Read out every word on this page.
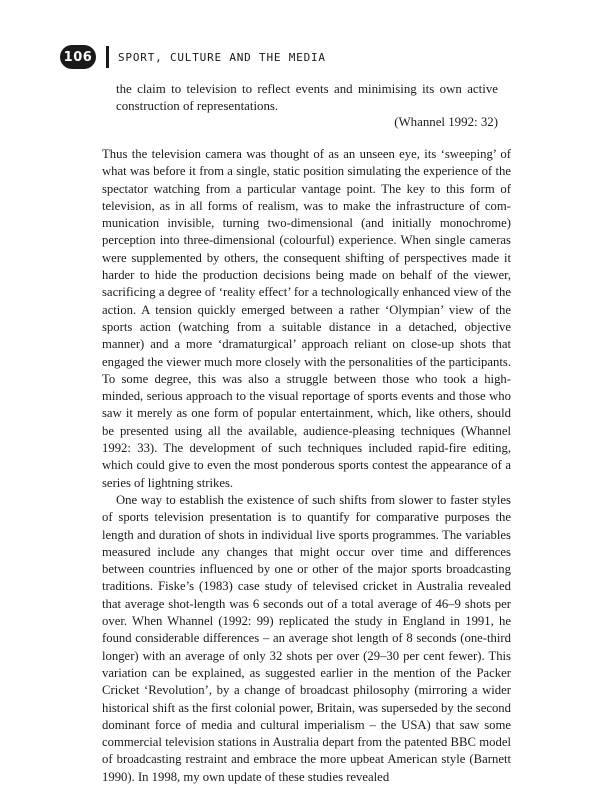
106	SPORT, CULTURE AND THE MEDIA

the claim to television to reflect events and minimising its own active construction of representations.

(Whannel 1992: 32)

Thus the television camera was thought of as an unseen eye, its ‘sweeping’ of what was before it from a single, static position simulating the experience of the spectator watching from a particular vantage point. The key to this form of television, as in all forms of realism, was to make the infrastructure of communication invisible, turning two-dimensional (and initially monochrome) perception into three-dimensional (colourful) experience. When single cameras were supplemented by others, the consequent shifting of perspectives made it harder to hide the production decisions being made on behalf of the viewer, sacrificing a degree of ‘reality effect’ for a technologically enhanced view of the action. A tension quickly emerged between a rather ‘Olympian’ view of the sports action (watching from a suitable distance in a detached, objective manner) and a more ‘dramaturgical’ approach reliant on close-up shots that engaged the viewer much more closely with the personalities of the participants. To some degree, this was also a struggle between those who took a high-minded, serious approach to the visual reportage of sports events and those who saw it merely as one form of popular entertainment, which, like others, should be presented using all the available, audience-pleasing techniques (Whannel 1992: 33). The development of such techniques included rapid-fire editing, which could give to even the most ponderous sports contest the appearance of a series of lightning strikes.

One way to establish the existence of such shifts from slower to faster styles of sports television presentation is to quantify for comparative purposes the length and duration of shots in individual live sports programmes. The variables measured include any changes that might occur over time and differences between countries influenced by one or other of the major sports broadcasting traditions. Fiske’s (1983) case study of televised cricket in Australia revealed that average shot-length was 6 seconds out of a total average of 46–9 shots per over. When Whannel (1992: 99) replicated the study in England in 1991, he found considerable differences – an average shot length of 8 seconds (one-third longer) with an average of only 32 shots per over (29–30 per cent fewer). This variation can be explained, as suggested earlier in the mention of the Packer Cricket ‘Revolution’, by a change of broadcast philosophy (mirroring a wider historical shift as the first colonial power, Britain, was superseded by the second dominant force of media and cultural imperialism – the USA) that saw some commercial television stations in Australia depart from the patented BBC model of broadcasting restraint and embrace the more upbeat American style (Barnett 1990). In 1998, my own update of these studies revealed
